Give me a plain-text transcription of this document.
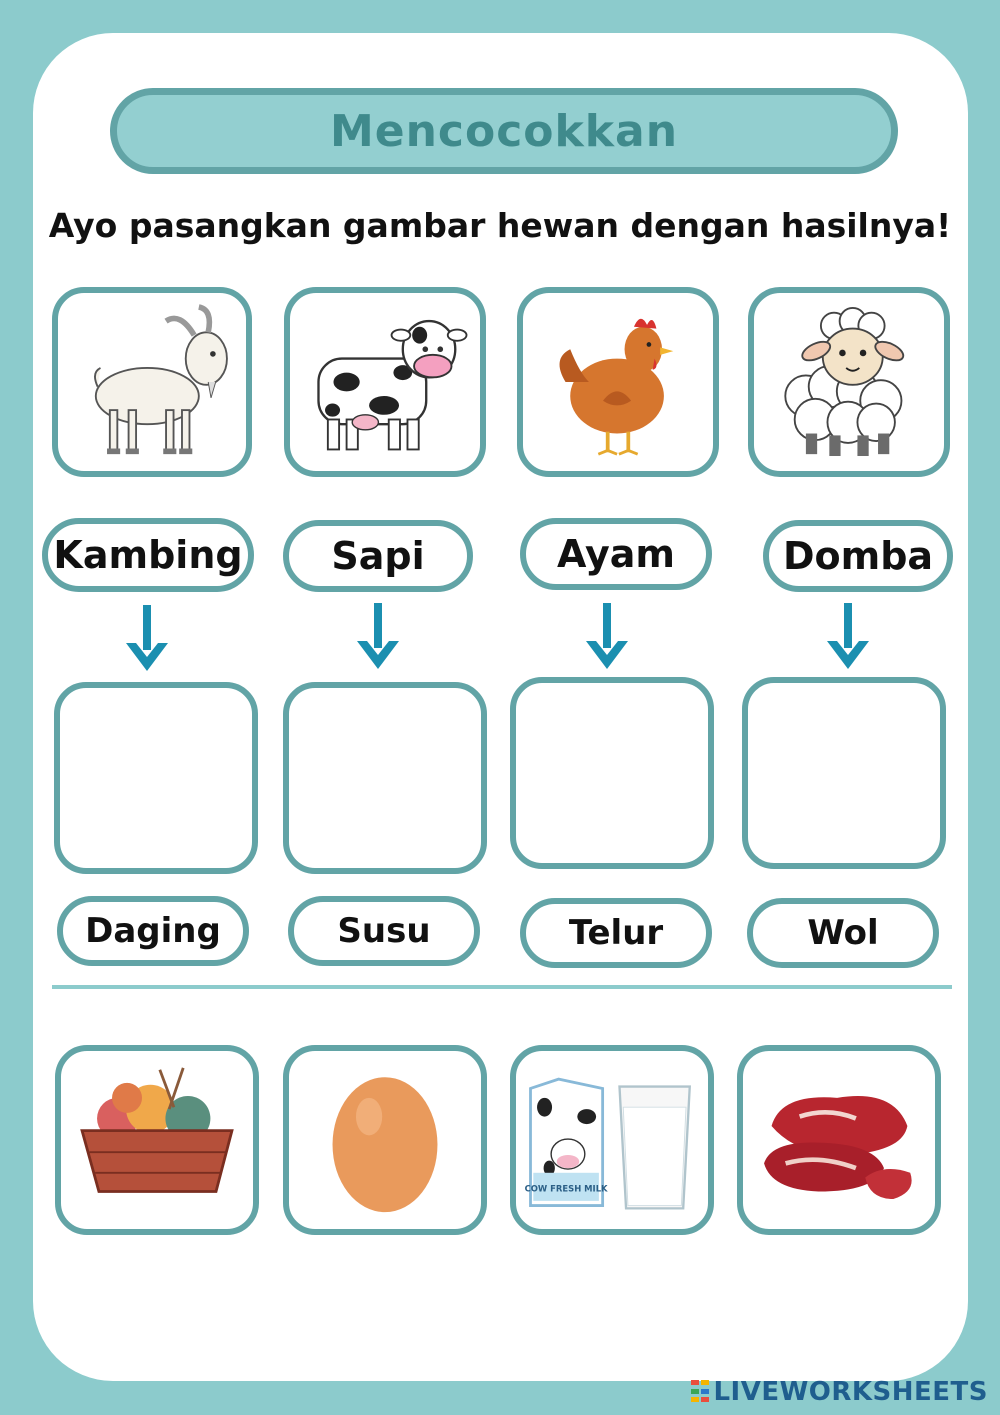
Mencocokkan
Ayo pasangkan gambar hewan dengan hasilnya!
Kambing Sapi	Ayam	Domba
Daging	Susu	Telur	Wol
COW FRESH MILK
LIVEWORKSHEETS
